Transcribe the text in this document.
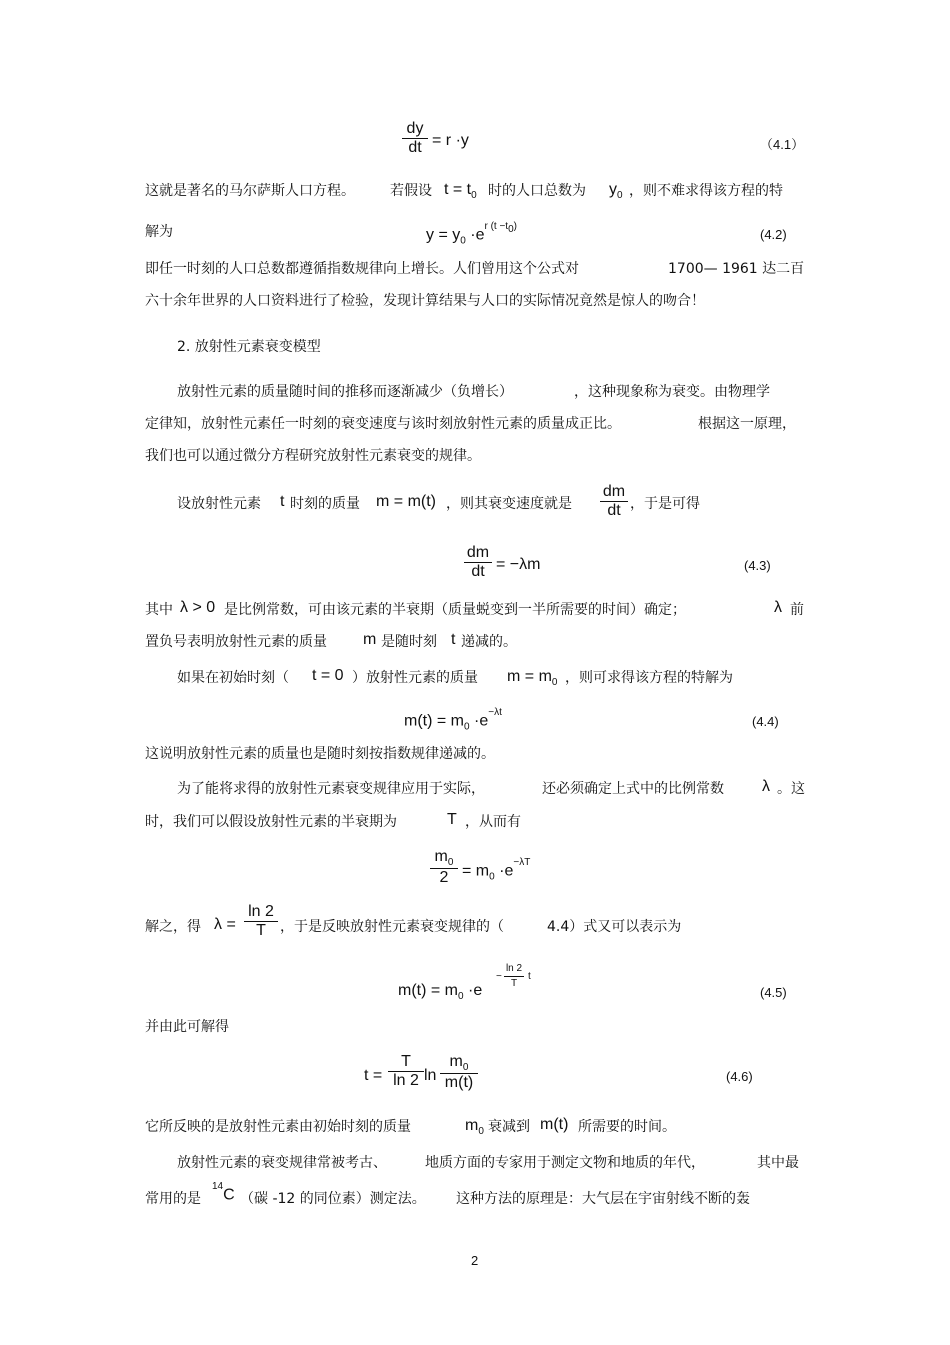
dy
dt = r ·y	（4.1）
这就是著名的马尔萨斯人口方程。	若假设 $t = t_0$ 时的人口总数为 $y_0$ ，则不难求得该方程的特
解为	$y = y_0 \cdot e^{r (t -t_0)}$
(4.2)
即任一时刻的人口总数都遵循指数规律向上增长。人们曾用这个公式对	1700— 1961 达二百
六十余年世界的人口资料进行了检验，发现计算结果与人口的实际情况竟然是惊人的吻合！
2. 放射性元素衰变模型
放射性元素的质量随时间的推移而逐渐减少（负增长）	，这种现象称为衰变。由物理学
定律知，放射性元素任一时刻的衰变速度与该时刻放射性元素的质量成正比。	根据这一原理，
我们也可以通过微分方程研究放射性元素衰变的规律。
设放射性元素 t 时刻的质量 m = m(t) ，则其衰变速度就是
dm
dt ，于是可得
dm
dt = −λm	(4.3)
其中 λ > 0 是比例常数，可由该元素的半衰期（质量蜕变到一半所需要的时间）确定；	λ 前
置负号表明放射性元素的质量 m 是随时刻 t 递减的。
如果在初始时刻（ t = 0 ）放射性元素的质量 $m = m_0$ ，则可求得该方程的特解为
$m(t) = m_0 \cdot e^{-\lambda t}$
(4.4)
这说明放射性元素的质量也是随时刻按指数规律递减的。
为了能将求得的放射性元素衰变规律应用于实际，	还必须确定上式中的比例常数 λ 。这
时，我们可以假设放射性元素的半衰期为	T ，从而有
$m_0$
$2 = m_0 \cdot e^{-\lambda T}$
解之，得 λ =
ln 2
T	，于是反映放射性元素衰变规律的（	4.4）式又可以表示为
$m(t) = m_0 \cdot e$
−
ln 2
T
t
(4.5)
并由此可解得
t =
T
ln 2 ln
$m_0$
m(t)	(4.6)
它所反映的是放射性元素由初始时刻的质量	$m_0$ 衰减到 m(t) 所需要的时间。
放射性元素的衰变规律常被考古、	地质方面的专家用于测定文物和地质的年代，	其中最
常用的是
$^{14}$C （碳 -12 的同位素）测定法。 这种方法的原理是：大气层在宇宙射线不断的轰
2
